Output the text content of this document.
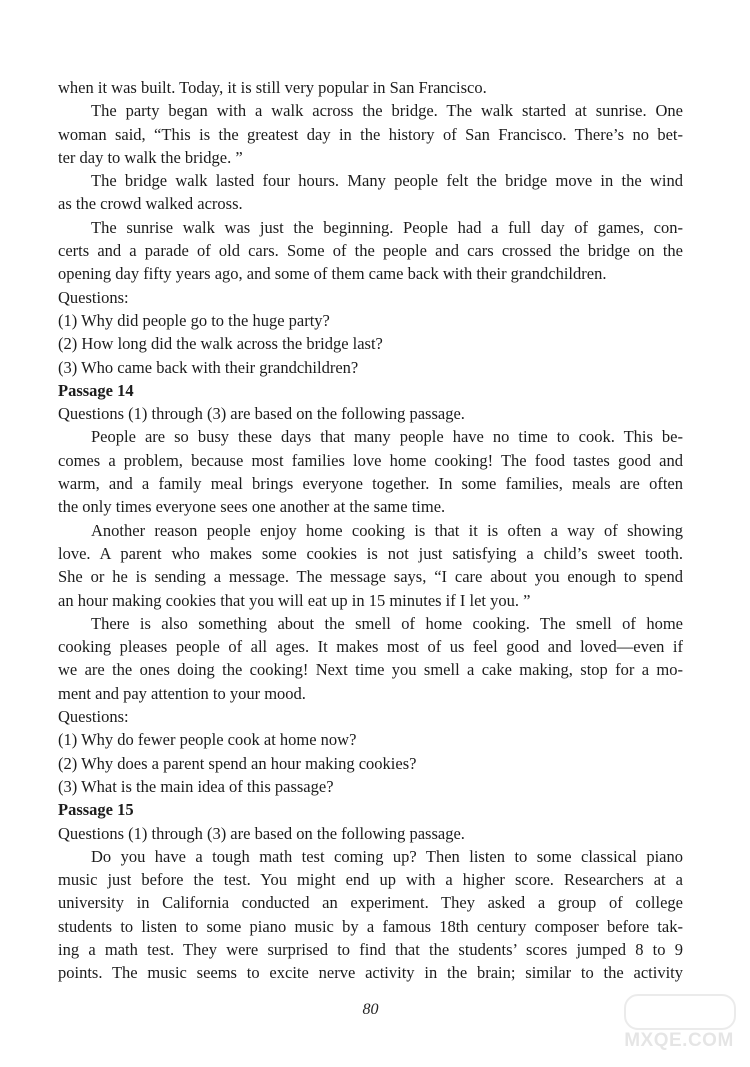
when it was built. Today, it is still very popular in San Francisco.
The party began with a walk across the bridge. The walk started at sunrise. One
woman said, “This is the greatest day in the history of San Francisco. There’s no bet-
ter day to walk the bridge. ”
The bridge walk lasted four hours. Many people felt the bridge move in the wind
as the crowd walked across.
The sunrise walk was just the beginning. People had a full day of games, con-
certs and a parade of old cars. Some of the people and cars crossed the bridge on the
opening day fifty years ago, and some of them came back with their grandchildren.
Questions:
(1) Why did people go to the huge party?
(2) How long did the walk across the bridge last?
(3) Who came back with their grandchildren?
Passage 14
Questions (1) through (3) are based on the following passage.
People are so busy these days that many people have no time to cook. This be-
comes a problem, because most families love home cooking! The food tastes good and
warm, and a family meal brings everyone together. In some families, meals are often
the only times everyone sees one another at the same time.
Another reason people enjoy home cooking is that it is often a way of showing
love. A parent who makes some cookies is not just satisfying a child’s sweet tooth.
She or he is sending a message. The message says, “I care about you enough to spend
an hour making cookies that you will eat up in 15 minutes if I let you. ”
There is also something about the smell of home cooking. The smell of home
cooking pleases people of all ages. It makes most of us feel good and loved—even if
we are the ones doing the cooking! Next time you smell a cake making, stop for a mo-
ment and pay attention to your mood.
Questions:
(1) Why do fewer people cook at home now?
(2) Why does a parent spend an hour making cookies?
(3) What is the main idea of this passage?
Passage 15
Questions (1) through (3) are based on the following passage.
Do you have a tough math test coming up? Then listen to some classical piano
music just before the test. You might end up with a higher score. Researchers at a
university in California conducted an experiment. They asked a group of college
students to listen to some piano music by a famous 18th century composer before tak-
ing a math test. They were surprised to find that the students’ scores jumped 8 to 9
points. The music seems to excite nerve activity in the brain; similar to the activity
80
MXQE.COM
